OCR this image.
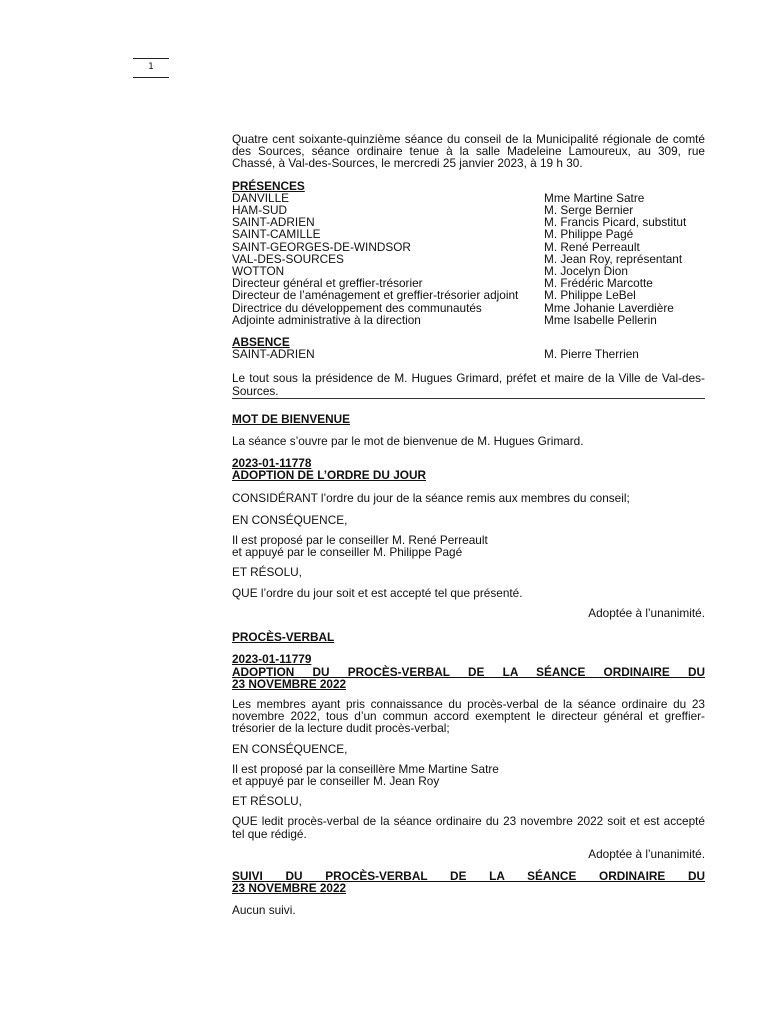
1

Quatre cent soixante-quinzième séance du conseil de la Municipalité régionale de comté des Sources, séance ordinaire tenue à la salle Madeleine Lamoureux, au 309, rue Chassé, à Val-des-Sources, le mercredi 25 janvier 2023, à 19 h 30.

PRÉSENCES

DANVILLE	Mme Martine Satre
HAM-SUD	M. Serge Bernier
SAINT-ADRIEN	M. Francis Picard, substitut
SAINT-CAMILLE	M. Philippe Pagé
SAINT-GEORGES-DE-WINDSOR	M. René Perreault
VAL-DES-SOURCES	M. Jean Roy, représentant
WOTTON	M. Jocelyn Dion
Directeur général et greffier-trésorier	M. Frédéric Marcotte
Directeur de l’aménagement et greffier-trésorier adjoint	M. Philippe LeBel
Directrice du développement des communautés	Mme Johanie Laverdière
Adjointe administrative à la direction	Mme Isabelle Pellerin

ABSENCE

SAINT-ADRIEN	M. Pierre Therrien

Le tout sous la présidence de M. Hugues Grimard, préfet et maire de la Ville de Val-des-Sources.

MOT DE BIENVENUE

La séance s’ouvre par le mot de bienvenue de M. Hugues Grimard.

2023-01-11778

ADOPTION DE L’ORDRE DU JOUR

CONSIDÉRANT l’ordre du jour de la séance remis aux membres du conseil;

EN CONSÉQUENCE,

Il est proposé par le conseiller M. René Perreault

et appuyé par le conseiller M. Philippe Pagé

ET RÉSOLU,

QUE l’ordre du jour soit et est accepté tel que présenté.

Adoptée à l’unanimité.

PROCÈS-VERBAL

2023-01-11779

ADOPTION DU PROCÈS-VERBAL DE LA SÉANCE ORDINAIRE DU

23 NOVEMBRE 2022

Les membres ayant pris connaissance du procès-verbal de la séance ordinaire du 23 novembre 2022, tous d’un commun accord exemptent le directeur général et greffier-trésorier de la lecture dudit procès-verbal;

EN CONSÉQUENCE,

Il est proposé par la conseillère Mme Martine Satre

et appuyé par le conseiller M. Jean Roy

ET RÉSOLU,

QUE ledit procès-verbal de la séance ordinaire du 23 novembre 2022 soit et est accepté tel que rédigé.

Adoptée à l’unanimité.

SUIVI DU PROCÈS-VERBAL DE LA SÉANCE ORDINAIRE DU

23 NOVEMBRE 2022

Aucun suivi.
